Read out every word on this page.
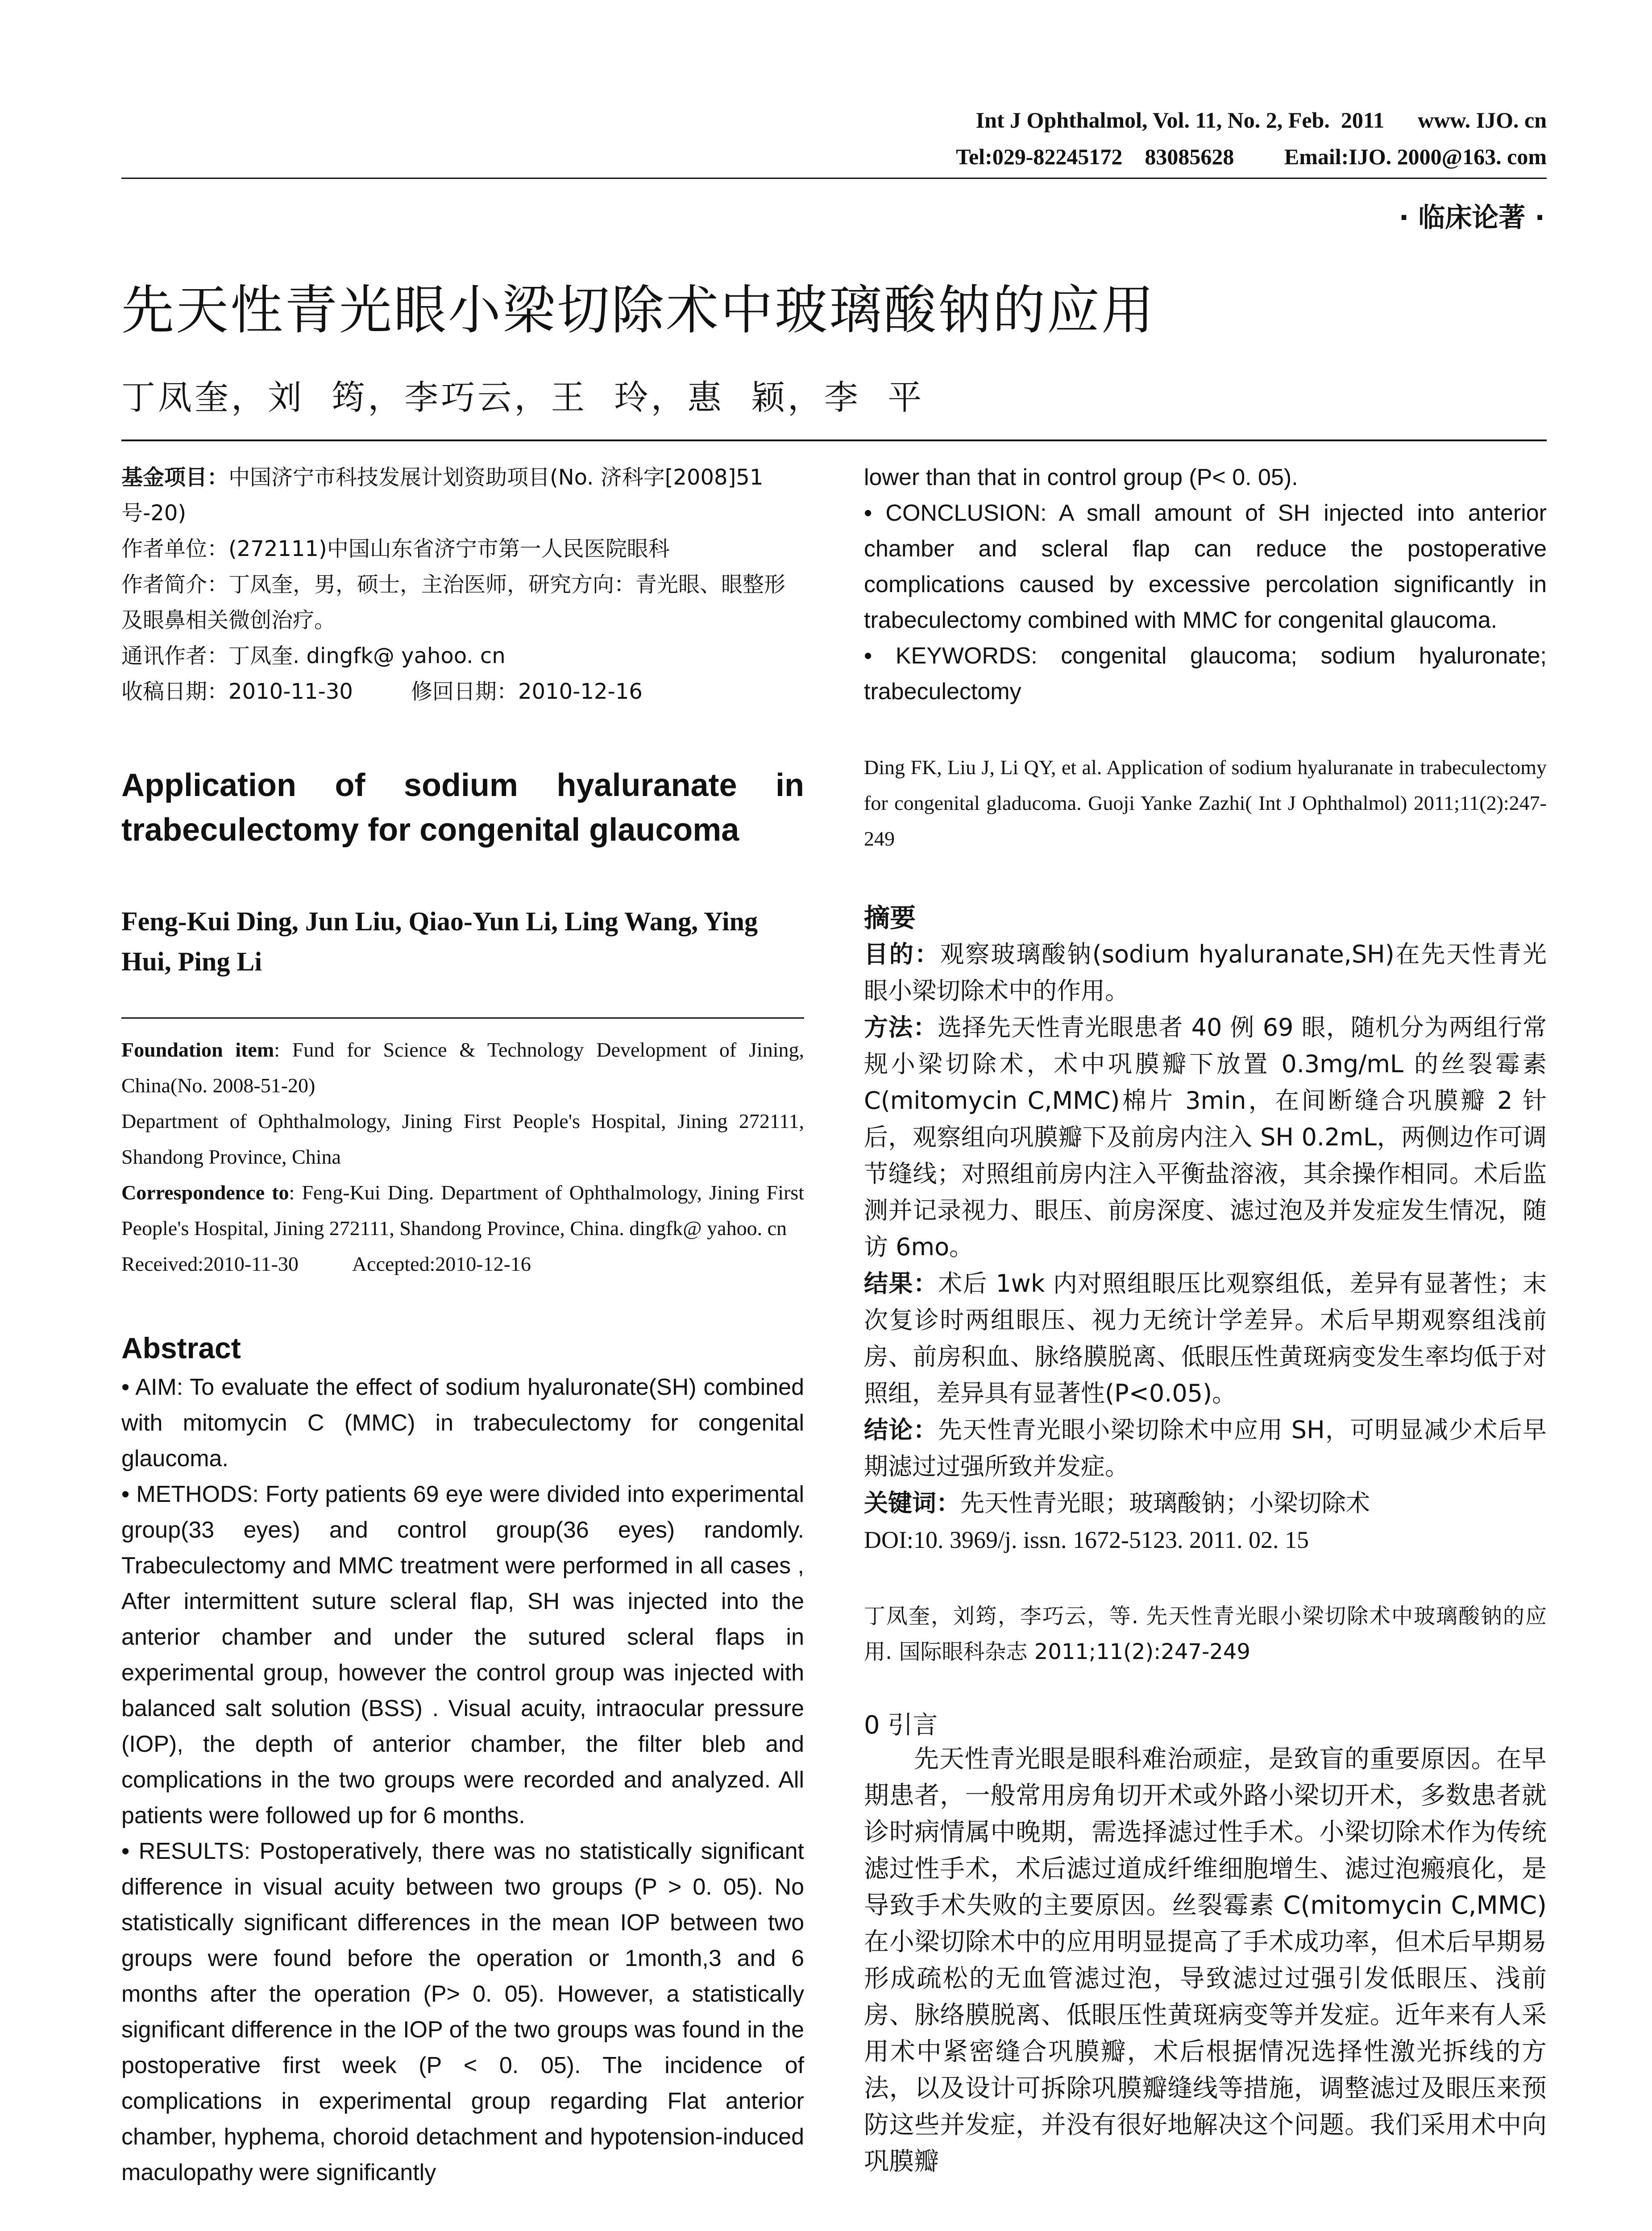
Int J Ophthalmol, Vol. 11, No. 2, Feb.  2011      www. IJO. cn
Tel:029-82245172    83085628         Email:IJO. 2000@163. com
· 临床论著 ·
先天性青光眼小梁切除术中玻璃酸钠的应用
丁凤奎，刘  筠，李巧云，王  玲，惠  颖，李  平
基金项目：中国济宁市科技发展计划资助项目(No. 济科字[2008]51 号-20)
作者单位：(272111)中国山东省济宁市第一人民医院眼科
作者简介：丁凤奎，男，硕士，主治医师，研究方向：青光眼、眼整形及眼鼻相关微创治疗。
通讯作者：丁凤奎. dingfk@ yahoo. cn
收稿日期：2010-11-30	修回日期：2010-12-16
Application of sodium hyaluranate in trabeculectomy for congenital glaucoma
Feng-Kui Ding, Jun Liu, Qiao-Yun Li, Ling Wang, Ying Hui, Ping Li
Foundation item: Fund for Science & Technology Development of Jining, China(No. 2008-51-20)
Department of Ophthalmology, Jining First People's Hospital, Jining 272111, Shandong Province, China
Correspondence to: Feng-Kui Ding. Department of Ophthalmology, Jining First People's Hospital, Jining 272111, Shandong Province, China. dingfk@ yahoo. cn
Received:2010-11-30	Accepted:2010-12-16
Abstract
• AIM: To evaluate the effect of sodium hyaluronate(SH) combined with mitomycin C (MMC) in trabeculectomy for congenital glaucoma.
• METHODS: Forty patients 69 eye were divided into experimental group(33 eyes) and control group(36 eyes) randomly. Trabeculectomy and MMC treatment were performed in all cases , After intermittent suture scleral flap, SH was injected into the anterior chamber and under the sutured scleral flaps in experimental group, however the control group was injected with balanced salt solution (BSS) . Visual acuity, intraocular pressure (IOP), the depth of anterior chamber, the filter bleb and complications in the two groups were recorded and analyzed. All patients were followed up for 6 months.
• RESULTS: Postoperatively, there was no statistically significant difference in visual acuity between two groups (P > 0. 05). No statistically significant differences in the mean IOP between two groups were found before the operation or 1month,3 and 6 months after the operation (P> 0. 05). However, a statistically significant difference in the IOP of the two groups was found in the postoperative first week (P < 0. 05). The incidence of complications in experimental group regarding Flat anterior chamber, hyphema, choroid detachment and hypotension-induced maculopathy were significantly
lower than that in control group (P< 0. 05).
• CONCLUSION: A small amount of SH injected into anterior chamber and scleral flap can reduce the postoperative complications caused by excessive percolation significantly in trabeculectomy combined with MMC for congenital glaucoma.
• KEYWORDS: congenital glaucoma; sodium hyaluronate; trabeculectomy
Ding FK, Liu J, Li QY, et al. Application of sodium hyaluranate in trabeculectomy for congenital gladucoma. Guoji Yanke Zazhi( Int J Ophthalmol) 2011;11(2):247-249
摘要
目的：观察玻璃酸钠(sodium hyaluranate,SH)在先天性青光眼小梁切除术中的作用。
方法：选择先天性青光眼患者 40 例 69 眼，随机分为两组行常规小梁切除术，术中巩膜瓣下放置 0.3mg/mL 的丝裂霉素 C(mitomycin C,MMC)棉片 3min，在间断缝合巩膜瓣 2 针后，观察组向巩膜瓣下及前房内注入 SH 0.2mL，两侧边作可调节缝线；对照组前房内注入平衡盐溶液，其余操作相同。术后监测并记录视力、眼压、前房深度、滤过泡及并发症发生情况，随访 6mo。
结果：术后 1wk 内对照组眼压比观察组低，差异有显著性；末次复诊时两组眼压、视力无统计学差异。术后早期观察组浅前房、前房积血、脉络膜脱离、低眼压性黄斑病变发生率均低于对照组，差异具有显著性(P<0.05)。
结论：先天性青光眼小梁切除术中应用 SH，可明显减少术后早期滤过过强所致并发症。
关键词：先天性青光眼；玻璃酸钠；小梁切除术
DOI:10. 3969/j. issn. 1672-5123. 2011. 02. 15
丁凤奎，刘筠，李巧云，等. 先天性青光眼小梁切除术中玻璃酸钠的应用. 国际眼科杂志 2011;11(2):247-249
0 引言
先天性青光眼是眼科难治顽症，是致盲的重要原因。在早期患者，一般常用房角切开术或外路小梁切开术，多数患者就诊时病情属中晚期，需选择滤过性手术。小梁切除术作为传统滤过性手术，术后滤过道成纤维细胞增生、滤过泡瘢痕化，是导致手术失败的主要原因。丝裂霉素 C(mitomycin C,MMC)在小梁切除术中的应用明显提高了手术成功率，但术后早期易形成疏松的无血管滤过泡，导致滤过过强引发低眼压、浅前房、脉络膜脱离、低眼压性黄斑病变等并发症。近年来有人采用术中紧密缝合巩膜瓣，术后根据情况选择性激光拆线的方法，以及设计可拆除巩膜瓣缝线等措施，调整滤过及眼压来预防这些并发症，并没有很好地解决这个问题。我们采用术中向巩膜瓣
